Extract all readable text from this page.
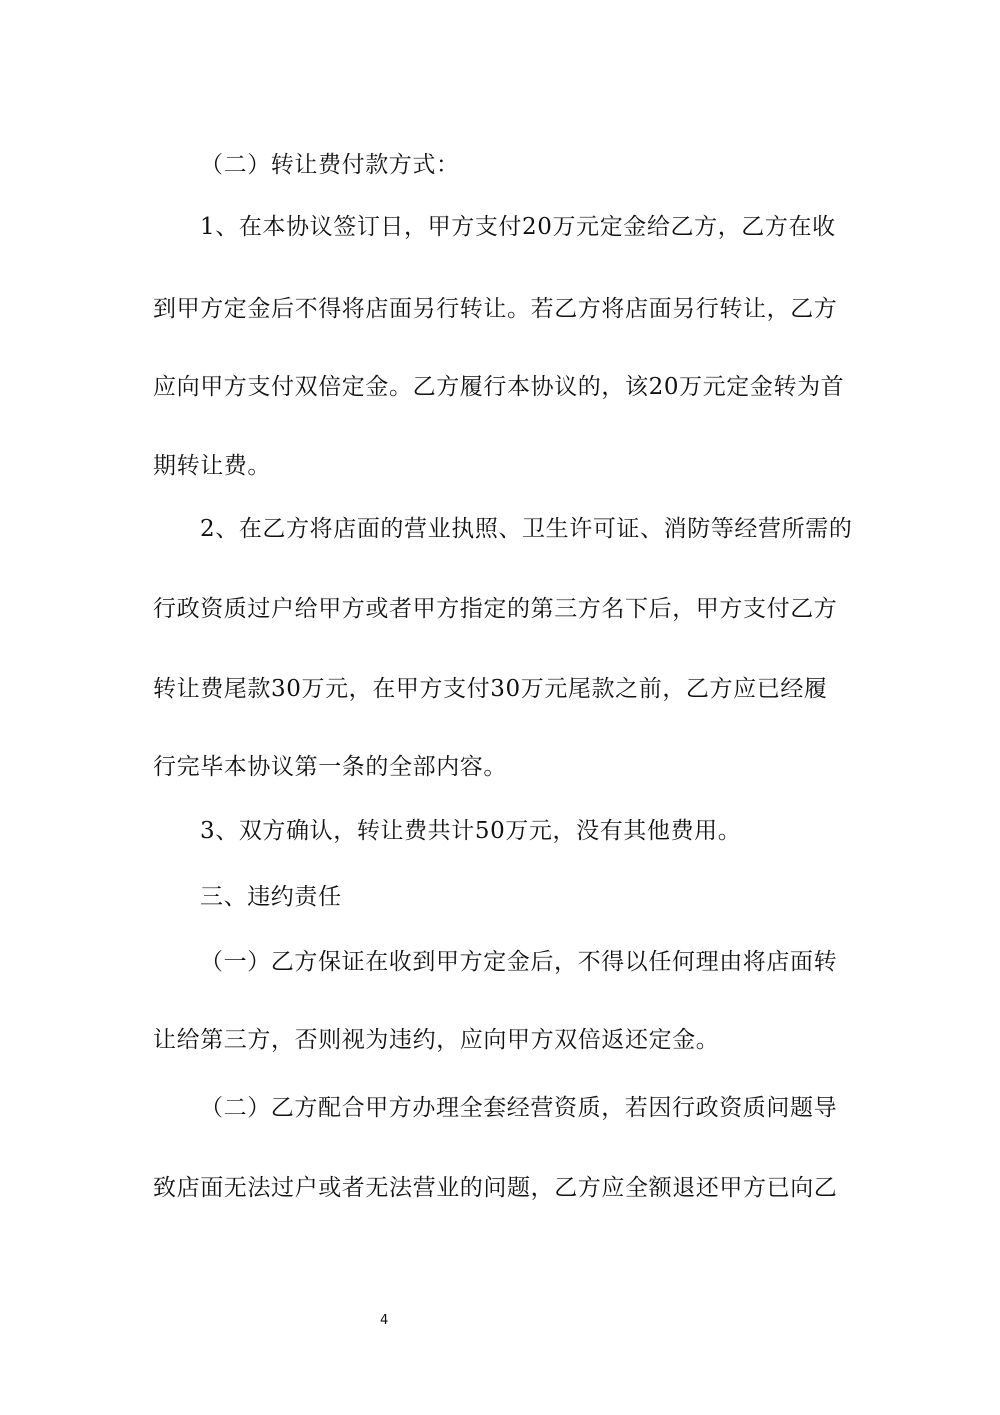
（二）转让费付款方式：
1、在本协议签订日，甲方支付20万元定金给乙方，乙方在收
到甲方定金后不得将店面另行转让。若乙方将店面另行转让，乙方
应向甲方支付双倍定金。乙方履行本协议的，该20万元定金转为首
期转让费。
2、在乙方将店面的营业执照、卫生许可证、消防等经营所需的
行政资质过户给甲方或者甲方指定的第三方名下后，甲方支付乙方
转让费尾款30万元，在甲方支付30万元尾款之前，乙方应已经履
行完毕本协议第一条的全部内容。
3、双方确认，转让费共计50万元，没有其他费用。
三、违约责任
（一）乙方保证在收到甲方定金后，不得以任何理由将店面转
让给第三方，否则视为违约，应向甲方双倍返还定金。
（二）乙方配合甲方办理全套经营资质，若因行政资质问题导
致店面无法过户或者无法营业的问题，乙方应全额退还甲方已向乙
4
